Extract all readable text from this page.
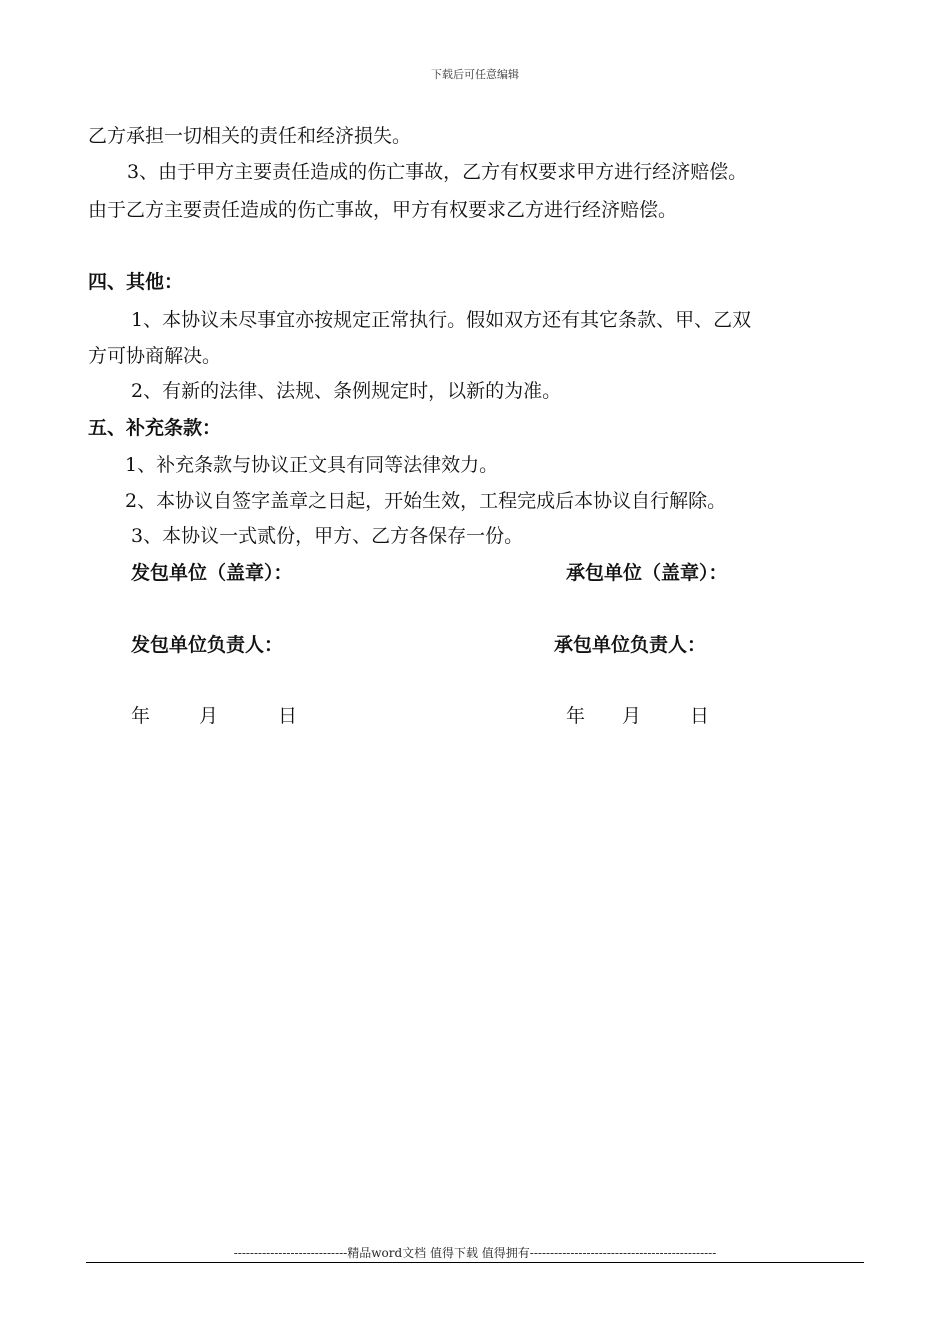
下载后可任意编辑
乙方承担一切相关的责任和经济损失。
3、由于甲方主要责任造成的伤亡事故，乙方有权要求甲方进行经济赔偿。
由于乙方主要责任造成的伤亡事故，甲方有权要求乙方进行经济赔偿。
四、其他：
1、本协议未尽事宜亦按规定正常执行。假如双方还有其它条款、甲、乙双
方可协商解决。
2、有新的法律、法规、条例规定时，以新的为准。
五、补充条款：
1、补充条款与协议正文具有同等法律效力。
2、本协议自签字盖章之日起，开始生效，工程完成后本协议自行解除。
3、本协议一式贰份，甲方、乙方各保存一份。
发包单位（盖章）：	承包单位（盖章）：
发包单位负责人：	承包单位负责人：
年	月	日	年 月	日
----------------------------精品word文档 值得下载 值得拥有----------------------------------------------
